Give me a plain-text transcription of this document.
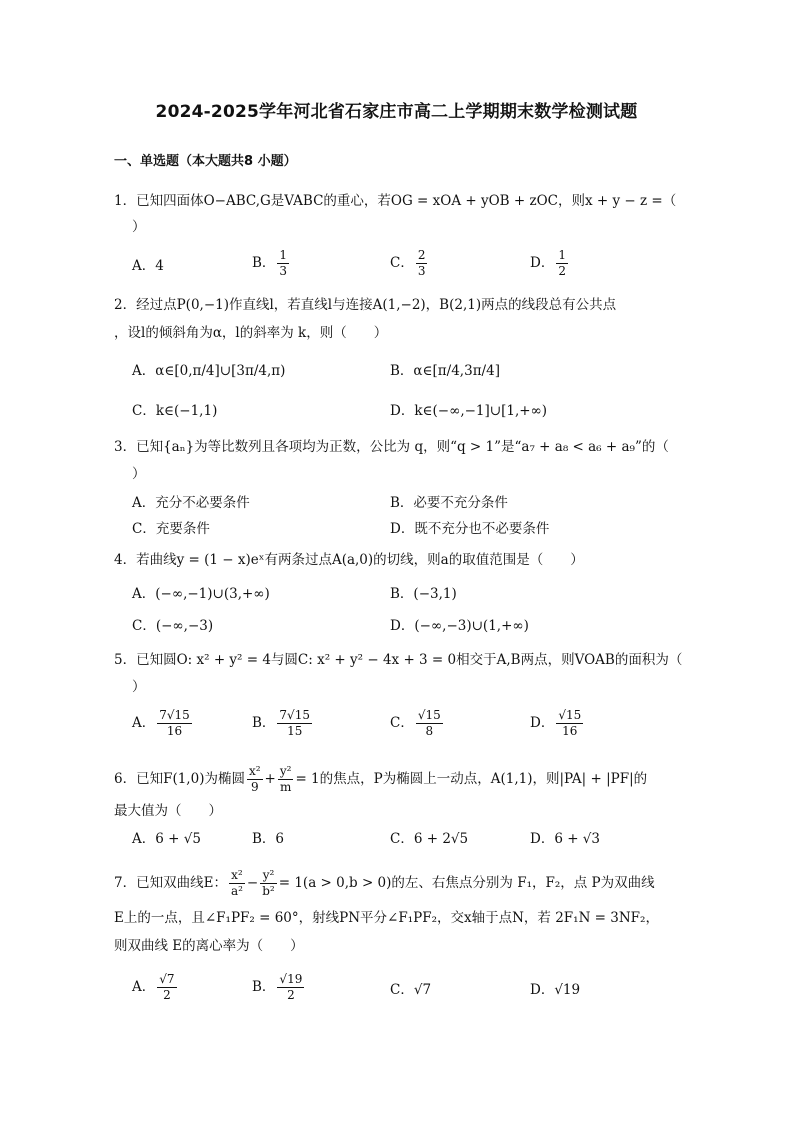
2024-2025学年河北省石家庄市高二上学期期末数学检测试题
一、单选题（本大题共8 小题）
1．已知四面体O−ABC,G是VABC的重心，若OG = xOA + yOB + zOC，则x + y − z =（
）
A．4	B． $\frac{1}{3}$	C． $\frac{2}{3}$	D． $\frac{1}{2}$
2．经过点P(0,−1)作直线l，若直线l与连接A(1,−2)，B(2,1)两点的线段总有公共点
，设l的倾斜角为α，l的斜率为 k，则（　　）
A．α∈[0,π/4]∪[3π/4,π)	B．α∈[π/4,3π/4]
C．k∈(−1,1)	D．k∈(−∞,−1]∪[1,+∞)
3．已知{aₙ}为等比数列且各项均为正数，公比为 q，则“q > 1”是“a₇ + a₈ < a₆ + a₉”的（
）
A．充分不必要条件	B．必要不充分条件
C．充要条件	D．既不充分也不必要条件
4．若曲线y = (1 − x)eˣ有两条过点A(a,0)的切线，则a的取值范围是（　　）
A．(−∞,−1)∪(3,+∞)	B．(−3,1)
C．(−∞,−3)	D．(−∞,−3)∪(1,+∞)
5．已知圆O: x² + y² = 4与圆C: x² + y² − 4x + 3 = 0相交于A,B两点，则VOAB的面积为（
）
A． $\frac{7√15}{16}$	B． $\frac{7√15}{15}$	C． $\frac{√15}{8}$	D． $\frac{√15}{16}$
6．已知F(1,0)为椭圆 $\frac{\text{x²}}{9} + \frac{\text{y²}}{m} = 1$的焦点，P为椭圆上一动点，A(1,1)，则|PA| + |PF|的
最大值为（　　）
A．6 + √5	B．6	C．6 + 2√5	D．6 + √3
7．已知双曲线E： $\frac{\text{x²}}{\text{a²}} - \frac{\text{y²}}{\text{b²}} = 1(a > 0,b > 0)$的左、右焦点分别为 F₁，F₂，点 P为双曲线
E上的一点，且∠F₁PF₂ = 60°，射线PN平分∠F₁PF₂，交x轴于点N，若 2F₁N = 3NF₂，
则双曲线 E的离心率为（　　）
A． $\frac{√7}{2}$	B． $\frac{√19}{2}$	C．√7	D．√19
